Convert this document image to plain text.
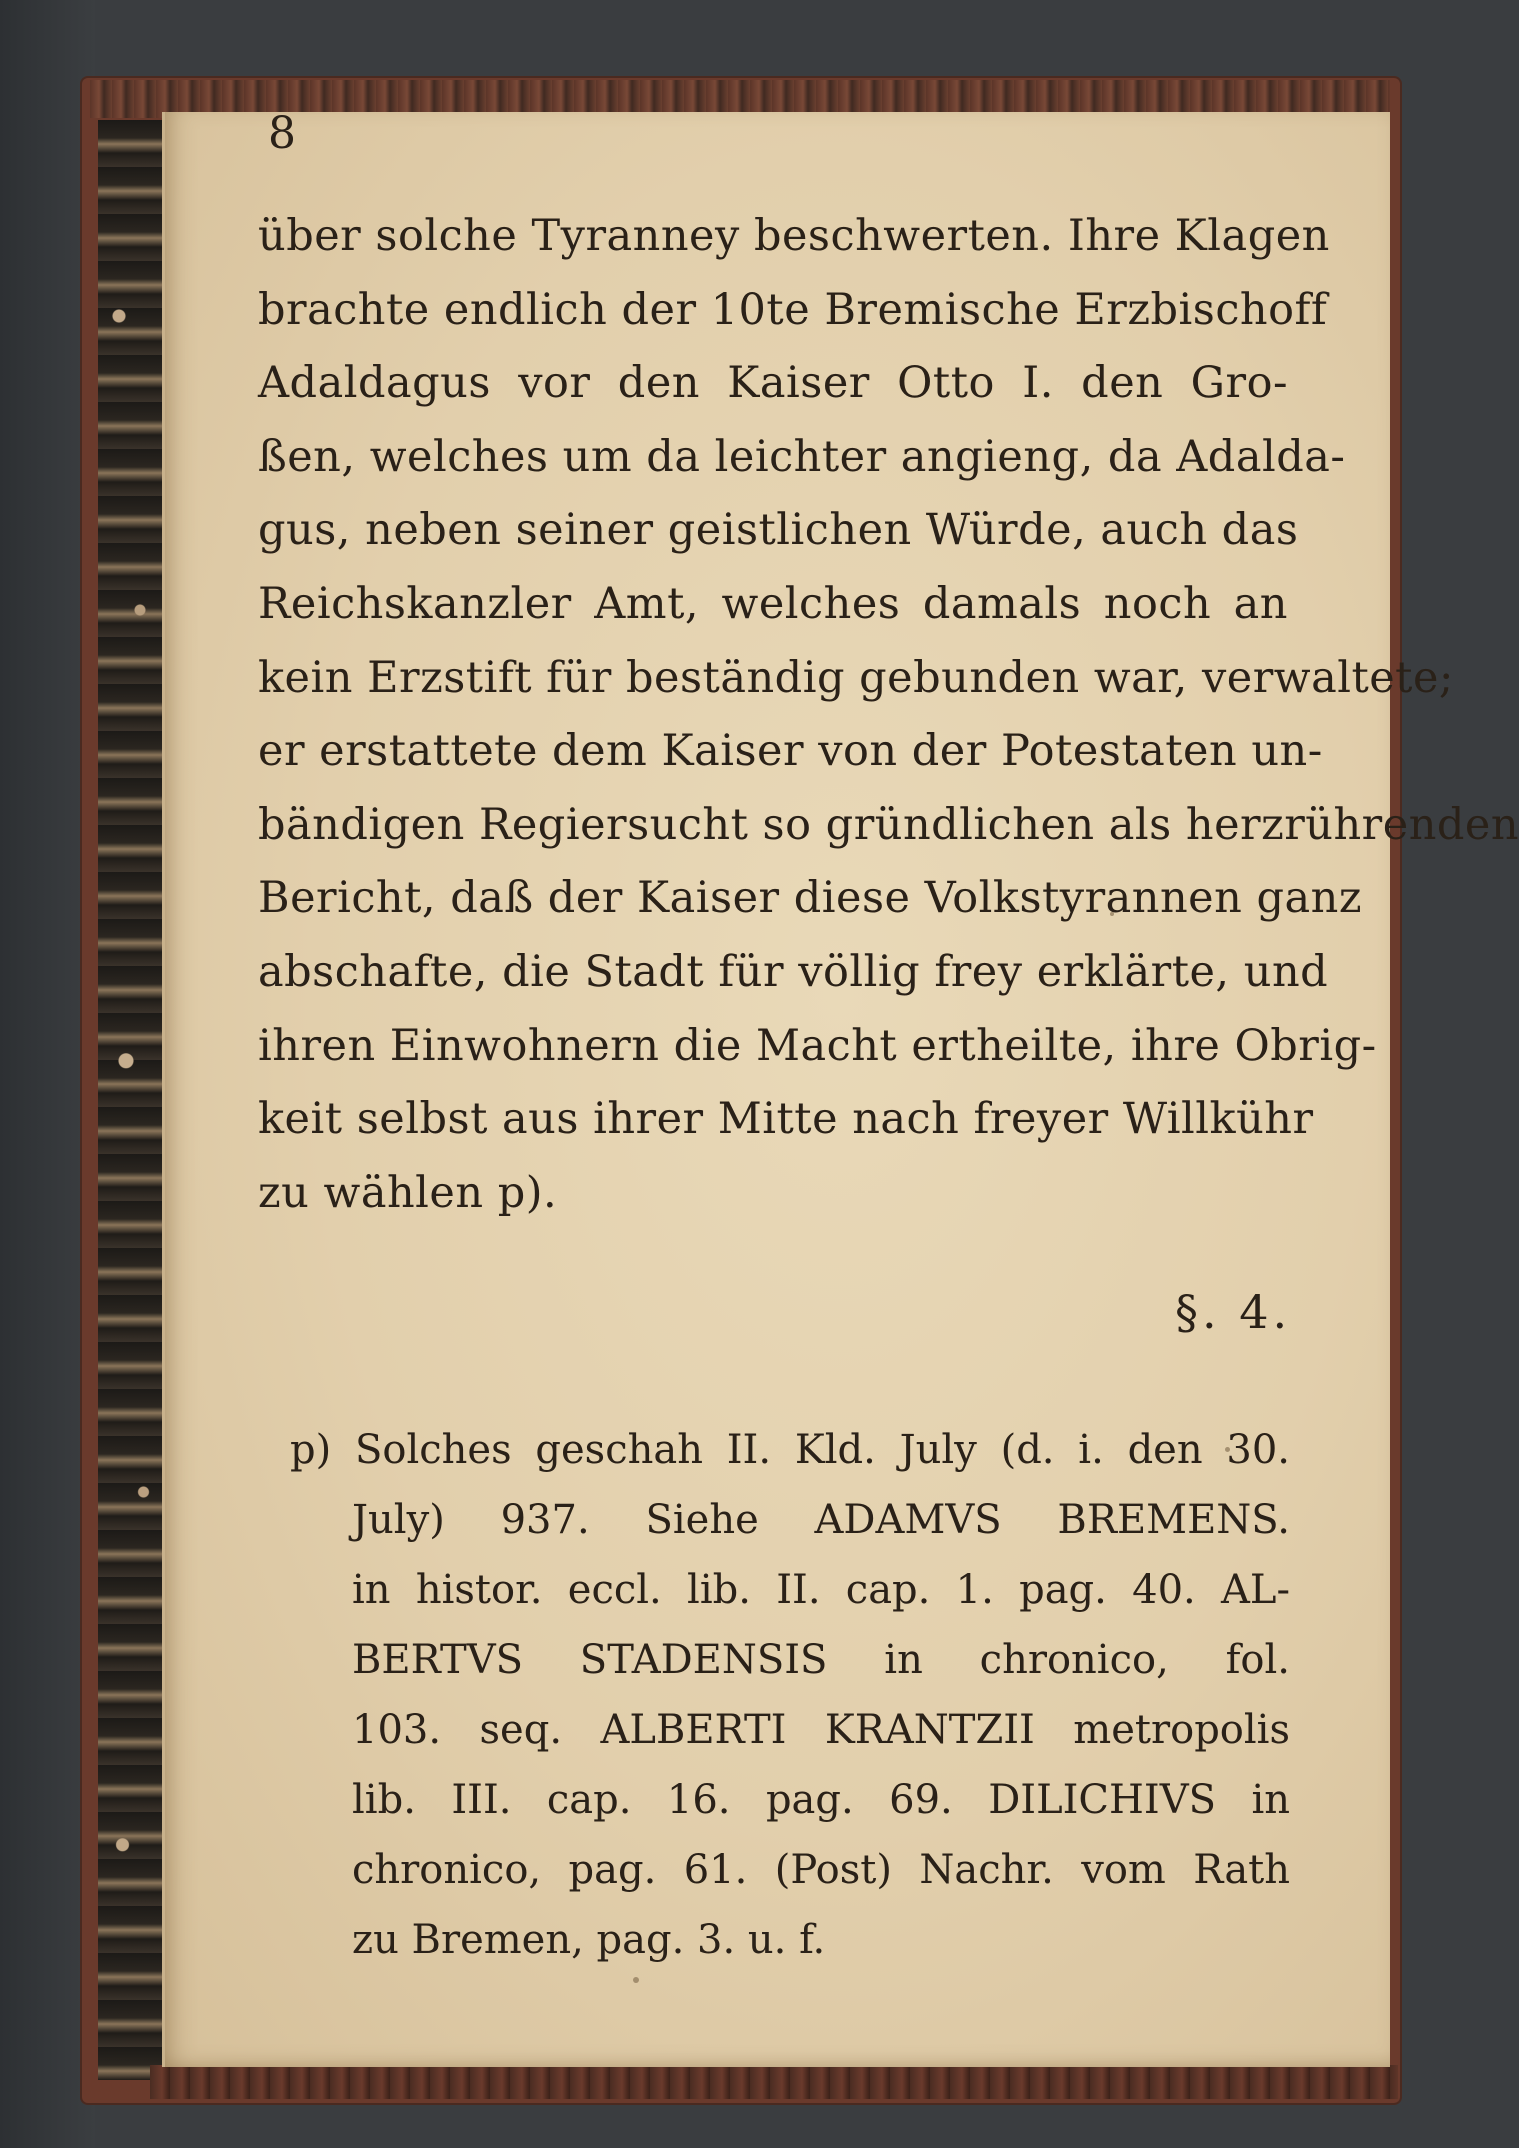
8
über solche Tyranney beschwerten. Ihre Klagen
brachte endlich der 10te Bremische Erzbischoff
Adaldagus vor den Kaiser Otto I. den Gro-
ßen, welches um da leichter angieng, da Adalda-
gus, neben seiner geistlichen Würde, auch das
Reichskanzler Amt, welches damals noch an
kein Erzstift für beständig gebunden war, verwaltete;
er erstattete dem Kaiser von der Potestaten un-
bändigen Regiersucht so gründlichen als herzrührenden
Bericht, daß der Kaiser diese Volkstyrannen ganz
abschafte, die Stadt für völlig frey erklärte, und
ihren Einwohnern die Macht ertheilte, ihre Obrig-
keit selbst aus ihrer Mitte nach freyer Willkühr
zu wählen p).
§. 4.
p) Solches geschah II. Kld. July (d. i. den 30.
July) 937. Siehe ADAMVS BREMENS.
in histor. eccl. lib. II. cap. 1. pag. 40. AL-
BERTVS STADENSIS in chronico, fol.
103. seq. ALBERTI KRANTZII metropolis
lib. III. cap. 16. pag. 69. DILICHIVS in
chronico, pag. 61. (Post) Nachr. vom Rath
zu Bremen, pag. 3. u. f.
